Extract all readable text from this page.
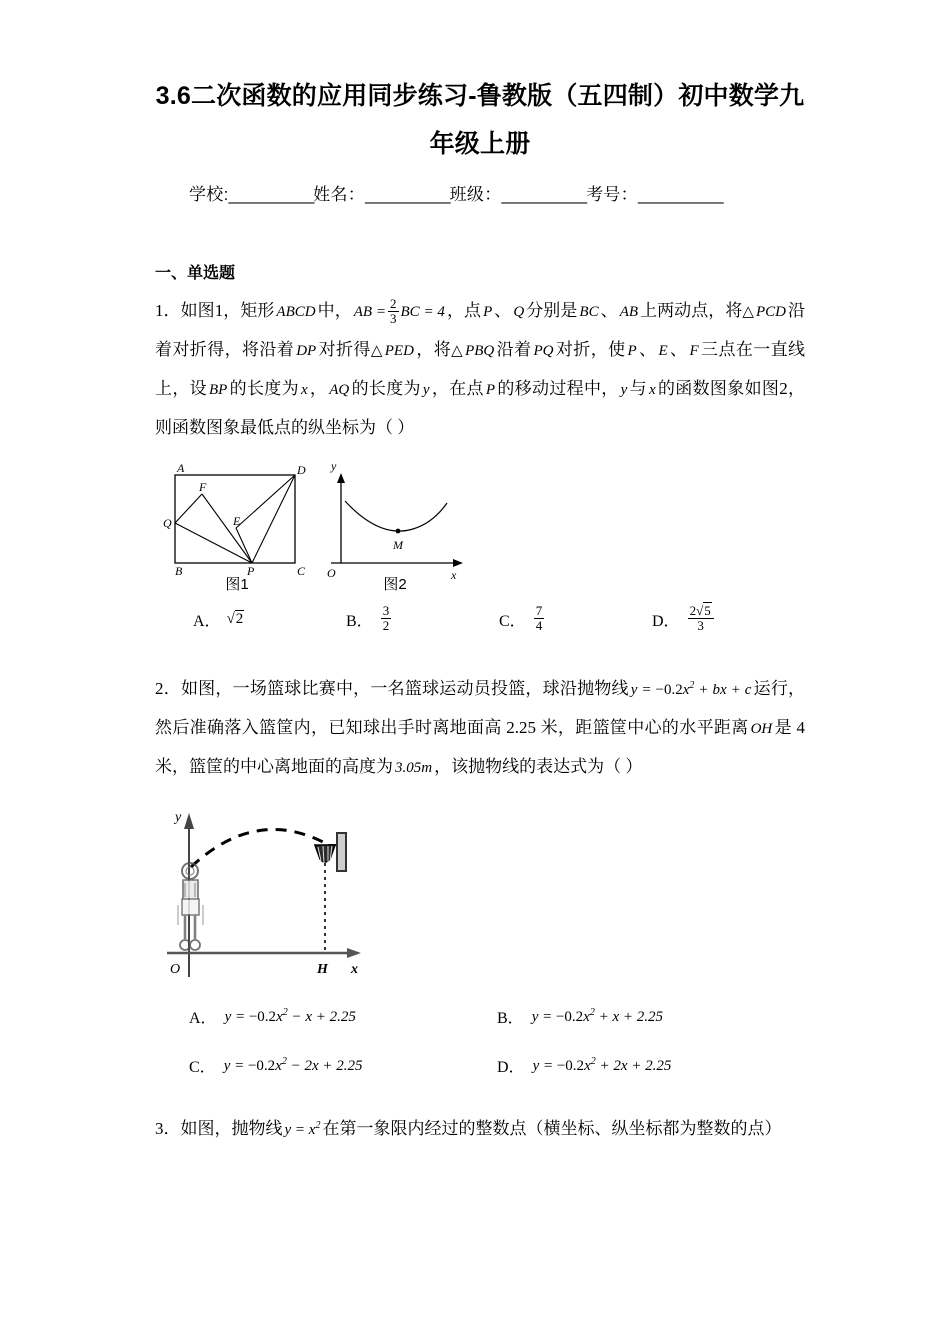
3.6二次函数的应用同步练习-鲁教版（五四制）初中数学九
年级上册
学校:__________姓名：__________班级：__________考号：__________
一、单选题
1．如图1，矩形 ABCD 中， AB = $\frac{2}{3}$ BC = 4 ，点 P 、 Q 分别是 BC 、 AB 上两动点，将△ PCD 沿着对折得，将沿着 DP 对折得△ PED ，将△ PBQ 沿着 PQ 对折，使 P 、 E 、 F 三点在一直线上，设 BP 的长度为 x ， AQ 的长度为 y ，在点 P 的移动过程中， y 与 x 的函数图象如图2，则函数图象最低点的纵坐标为（ ）
A	D
B	C
F
Q	E
P
y
x
O
M
图1	图2
A． √2	B． $\frac{3}{2}$	C． $\frac{7}{4}$	D． $\frac{2√5}{3}$
2．如图，一场篮球比赛中，一名篮球运动员投篮，球沿抛物线 $y = -0.2x^2$ + bx + c 运行，然后准确落入篮筐内，已知球出手时离地面高 2.25 米，距篮筐中心的水平距离 OH 是 4米，篮筐的中心离地面的高度为 3.05m ，该抛物线的表达式为（ ）
y
x
O	H
A． $y = -0.2x^2 - x + 2.25$	B． $y = -0.2x^2 + x + 2.25$
C． $y = -0.2x^2 - 2x + 2.25$	D． $y = -0.2x^2 + 2x + 2.25$
3．如图，抛物线 $y = x^2$ 在第一象限内经过的整数点（横坐标、纵坐标都为整数的点）
